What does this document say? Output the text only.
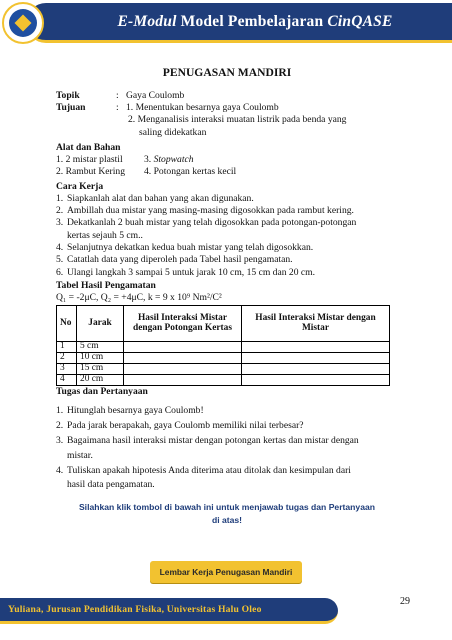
E-Modul Model Pembelajaran CinQASE
PENUGASAN MANDIRI
Topik	: Gaya Coulomb
Tujuan	: 1. Menentukan besarnya gaya Coulomb
2. Menganalisis interaksi muatan listrik pada benda yang
saling didekatkan
Alat dan Bahan
1. 2 mistar plastil	3. Stopwatch
2. Rambut Kering	4. Potongan kertas kecil
Cara Kerja
1. Siapkanlah alat dan bahan yang akan digunakan.
2. Ambillah dua mistar yang masing-masing digosokkan pada rambut kering.
3. Dekatkanlah 2 buah mistar yang telah digosokkan pada potongan-potongan
kertas sejauh 5 cm..
4. Selanjutnya dekatkan kedua buah mistar yang telah digosokkan.
5. Catatlah data yang diperoleh pada Tabel hasil pengamatan.
6. Ulangi langkah 3 sampai 5 untuk jarak 10 cm, 15 cm dan 20 cm.
Tabel Hasil Pengamatan
Q₁ = -2μC, Q₂ = +4μC, k = 9 x 10⁹ Nm²/C²
No	Jarak	Hasil Interaksi Mistar dengan Potongan Kertas	Hasil Interaksi Mistar dengan Mistar
1	5 cm		
2	10 cm		
3	15 cm		
4	20 cm		
Tugas dan Pertanyaan
1. Hitunglah besarnya gaya Coulomb!
2. Pada jarak berapakah, gaya Coulomb memiliki nilai terbesar?
3. Bagaimana hasil interaksi mistar dengan potongan kertas dan mistar dengan
mistar.
4. Tuliskan apakah hipotesis Anda diterima atau ditolak dan kesimpulan dari
hasil data pengamatan.
Silahkan klik tombol di bawah ini untuk menjawab tugas dan Pertanyaan
di atas!
Lembar Kerja Penugasan Mandiri
29
Yuliana, Jurusan Pendidikan Fisika, Universitas Halu Oleo
